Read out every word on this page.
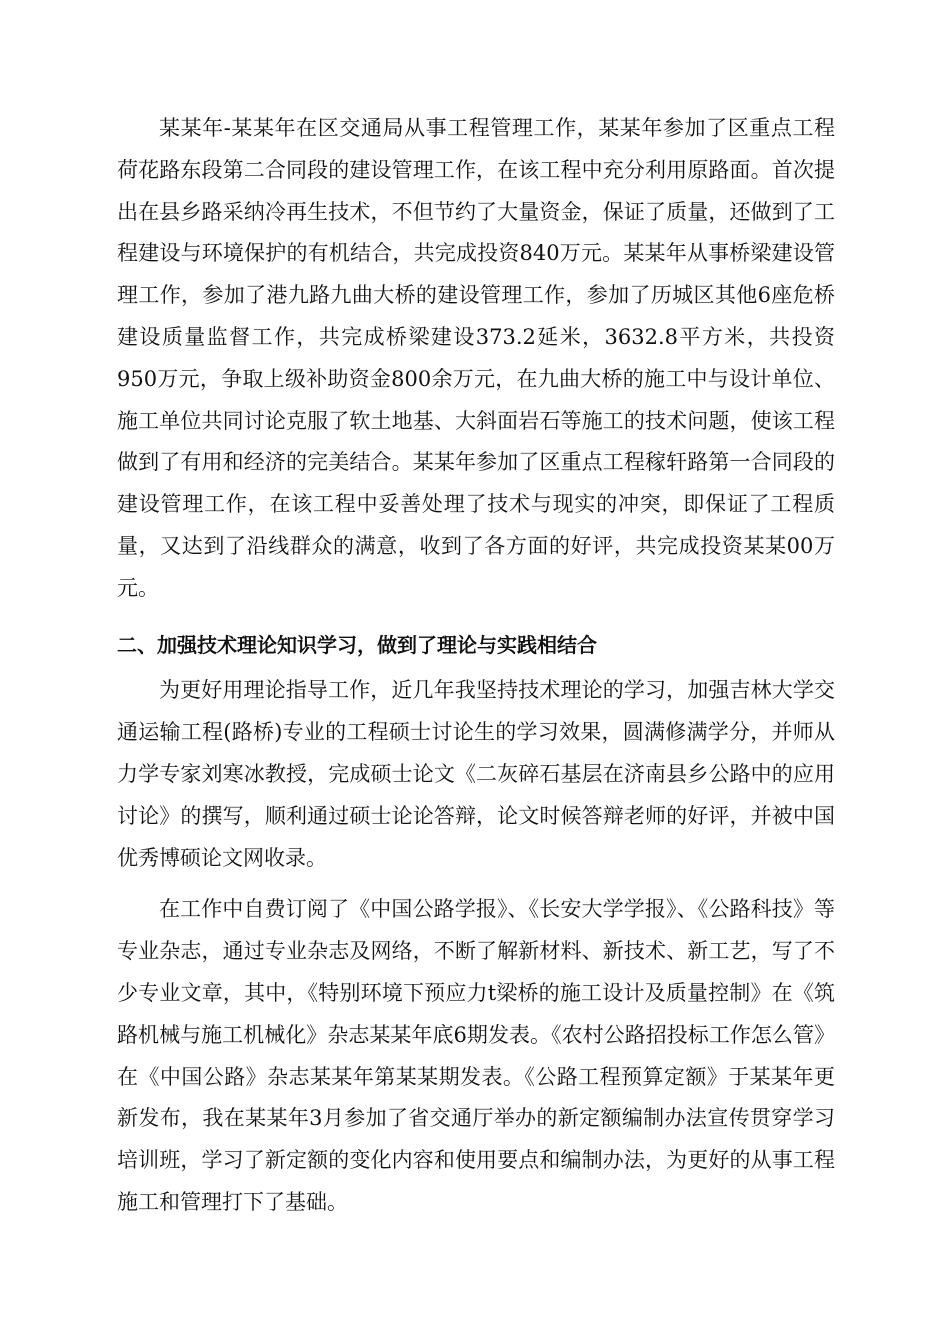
某某年-某某年在区交通局从事工程管理工作，某某年参加了区重点工程荷花路东段第二合同段的建设管理工作，在该工程中充分利用原路面。首次提出在县乡路采纳冷再生技术，不但节约了大量资金，保证了质量，还做到了工程建设与环境保护的有机结合，共完成投资840万元。某某年从事桥梁建设管理工作，参加了港九路九曲大桥的建设管理工作，参加了历城区其他6座危桥建设质量监督工作，共完成桥梁建设373.2延米，3632.8平方米，共投资950万元，争取上级补助资金800余万元，在九曲大桥的施工中与设计单位、施工单位共同讨论克服了软土地基、大斜面岩石等施工的技术问题，使该工程做到了有用和经济的完美结合。某某年参加了区重点工程稼轩路第一合同段的建设管理工作，在该工程中妥善处理了技术与现实的冲突，即保证了工程质量，又达到了沿线群众的满意，收到了各方面的好评，共完成投资某某00万元。

二、加强技术理论知识学习，做到了理论与实践相结合

为更好用理论指导工作，近几年我坚持技术理论的学习，加强吉林大学交通运输工程(路桥)专业的工程硕士讨论生的学习效果，圆满修满学分，并师从力学专家刘寒冰教授，完成硕士论文《二灰碎石基层在济南县乡公路中的应用讨论》的撰写，顺利通过硕士论论答辩，论文时候答辩老师的好评，并被中国优秀博硕论文网收录。

在工作中自费订阅了《中国公路学报》、《长安大学学报》、《公路科技》等专业杂志，通过专业杂志及网络，不断了解新材料、新技术、新工艺，写了不少专业文章，其中，《特别环境下预应力t梁桥的施工设计及质量控制》在《筑路机械与施工机械化》杂志某某年底6期发表。《农村公路招投标工作怎么管》在《中国公路》杂志某某年第某某期发表。《公路工程预算定额》于某某年更新发布，我在某某年3月参加了省交通厅举办的新定额编制办法宣传贯穿学习培训班，学习了新定额的变化内容和使用要点和编制办法，为更好的从事工程施工和管理打下了基础。
